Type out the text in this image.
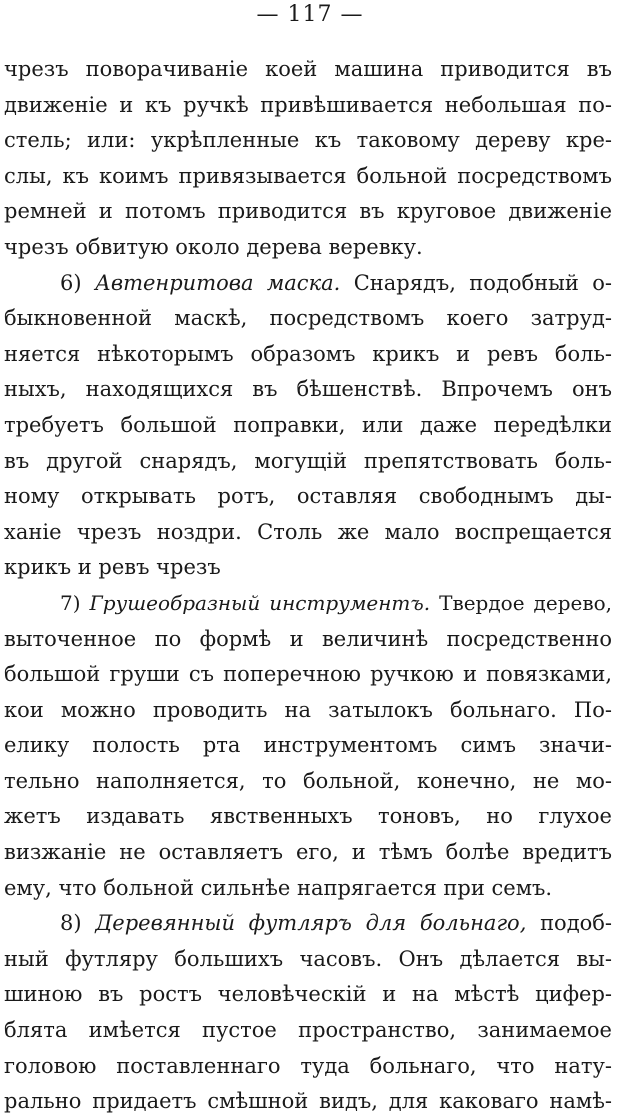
— 117 —
чрезъ поворачиванie коей машина приводится въ
движенie и къ ручкѣ привѣшивается небольшая по-
стель; или: укрѣпленные къ таковому дереву кре-
слы, къ коимъ привязывается больной посредствомъ
ремней и потомъ приводится въ круговое движенie
чрезъ обвитую около дерева веревку.
6) Автенритова маска. Снарядъ, подобный о-
быкновенной маскѣ, посредствомъ коего затруд-
няется нѣкоторымъ образомъ крикъ и ревъ боль-
ныхъ, находящихся въ бѣшенствѣ. Впрочемъ онъ
требуетъ большой поправки, или даже передѣлки
въ другой снарядъ, могущiй препятствовать боль-
ному открывать ротъ, оставляя свободнымъ ды-
ханie чрезъ ноздри. Столь же мало воспрещается
крикъ и ревъ чрезъ
7) Грушеобразный инструментъ. Твердое дерево,
выточенное по формѣ и величинѣ посредственно
большой груши съ поперечною ручкою и повязками,
кои можно проводить на затылокъ больнаго. По-
елику полость рта инструментомъ симъ значи-
тельно наполняется, то больной, конечно, не мо-
жетъ издавать явственныхъ тоновъ, но глухое
визжанie не оставляетъ его, и тѣмъ болѣе вредитъ
ему, что больной сильнѣе напрягается при семъ.
8) Деревянный футляръ для больнаго, подоб-
ный футляру большихъ часовъ. Онъ дѣлается вы-
шиною въ ростъ человѣческiй и на мѣстѣ цифер-
блята имѣется пустое пространство, занимаемое
головою поставленнаго туда больнаго, что нату-
рально придаетъ смѣшной видъ, для каковаго намѣ-
